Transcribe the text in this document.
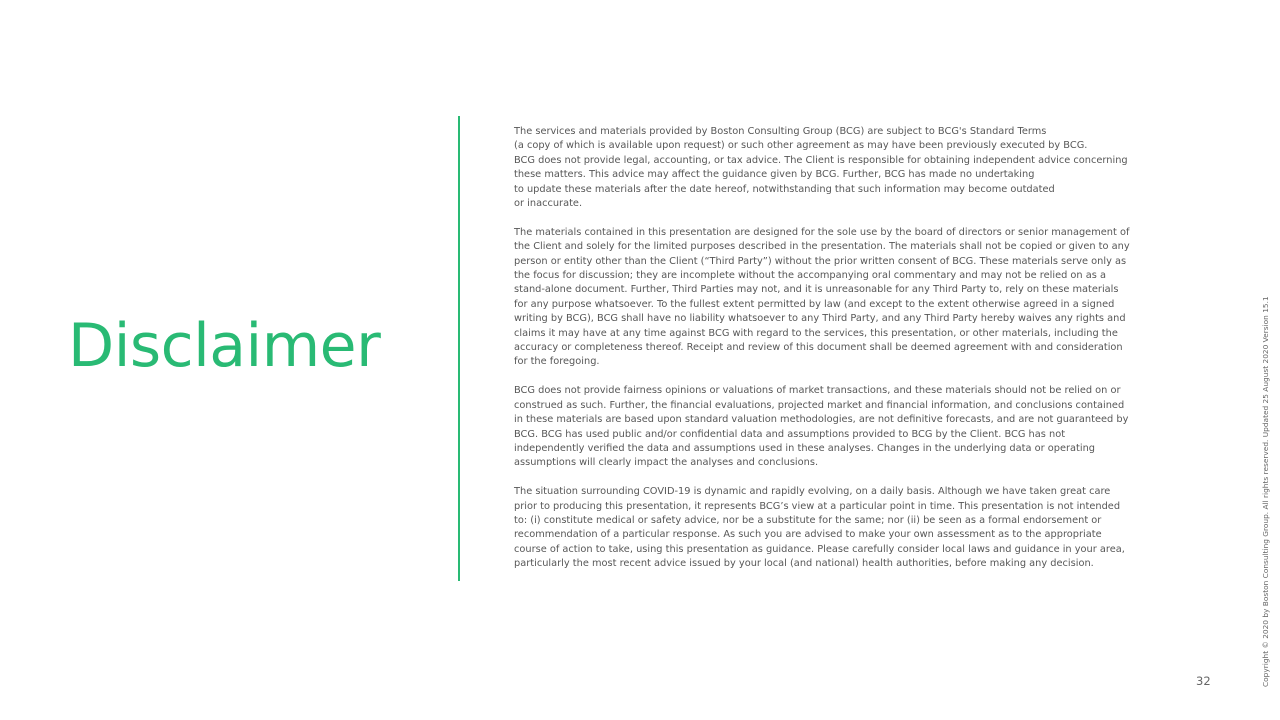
Disclaimer
The services and materials provided by Boston Consulting Group (BCG) are subject to BCG's Standard Terms
(a copy of which is available upon request) or such other agreement as may have been previously executed by BCG.
BCG does not provide legal, accounting, or tax advice. The Client is responsible for obtaining independent advice concerning
these matters. This advice may affect the guidance given by BCG. Further, BCG has made no undertaking
to update these materials after the date hereof, notwithstanding that such information may become outdated
or inaccurate.
The materials contained in this presentation are designed for the sole use by the board of directors or senior management of
the Client and solely for the limited purposes described in the presentation. The materials shall not be copied or given to any
person or entity other than the Client (“Third Party”) without the prior written consent of BCG. These materials serve only as
the focus for discussion; they are incomplete without the accompanying oral commentary and may not be relied on as a
stand-alone document. Further, Third Parties may not, and it is unreasonable for any Third Party to, rely on these materials
for any purpose whatsoever. To the fullest extent permitted by law (and except to the extent otherwise agreed in a signed
writing by BCG), BCG shall have no liability whatsoever to any Third Party, and any Third Party hereby waives any rights and
claims it may have at any time against BCG with regard to the services, this presentation, or other materials, including the
accuracy or completeness thereof. Receipt and review of this document shall be deemed agreement with and consideration
for the foregoing.
BCG does not provide fairness opinions or valuations of market transactions, and these materials should not be relied on or
construed as such. Further, the financial evaluations, projected market and financial information, and conclusions contained
in these materials are based upon standard valuation methodologies, are not definitive forecasts, and are not guaranteed by
BCG. BCG has used public and/or confidential data and assumptions provided to BCG by the Client. BCG has not
independently verified the data and assumptions used in these analyses. Changes in the underlying data or operating
assumptions will clearly impact the analyses and conclusions.
The situation surrounding COVID-19 is dynamic and rapidly evolving, on a daily basis. Although we have taken great care
prior to producing this presentation, it represents BCG’s view at a particular point in time. This presentation is not intended
to: (i) constitute medical or safety advice, nor be a substitute for the same; nor (ii) be seen as a formal endorsement or
recommendation of a particular response. As such you are advised to make your own assessment as to the appropriate
course of action to take, using this presentation as guidance. Please carefully consider local laws and guidance in your area,
particularly the most recent advice issued by your local (and national) health authorities, before making any decision.
32	Copyright © 2020 by Boston Consulting Group. All rights reserved. Updated 25 August 2020 Version 15.1
